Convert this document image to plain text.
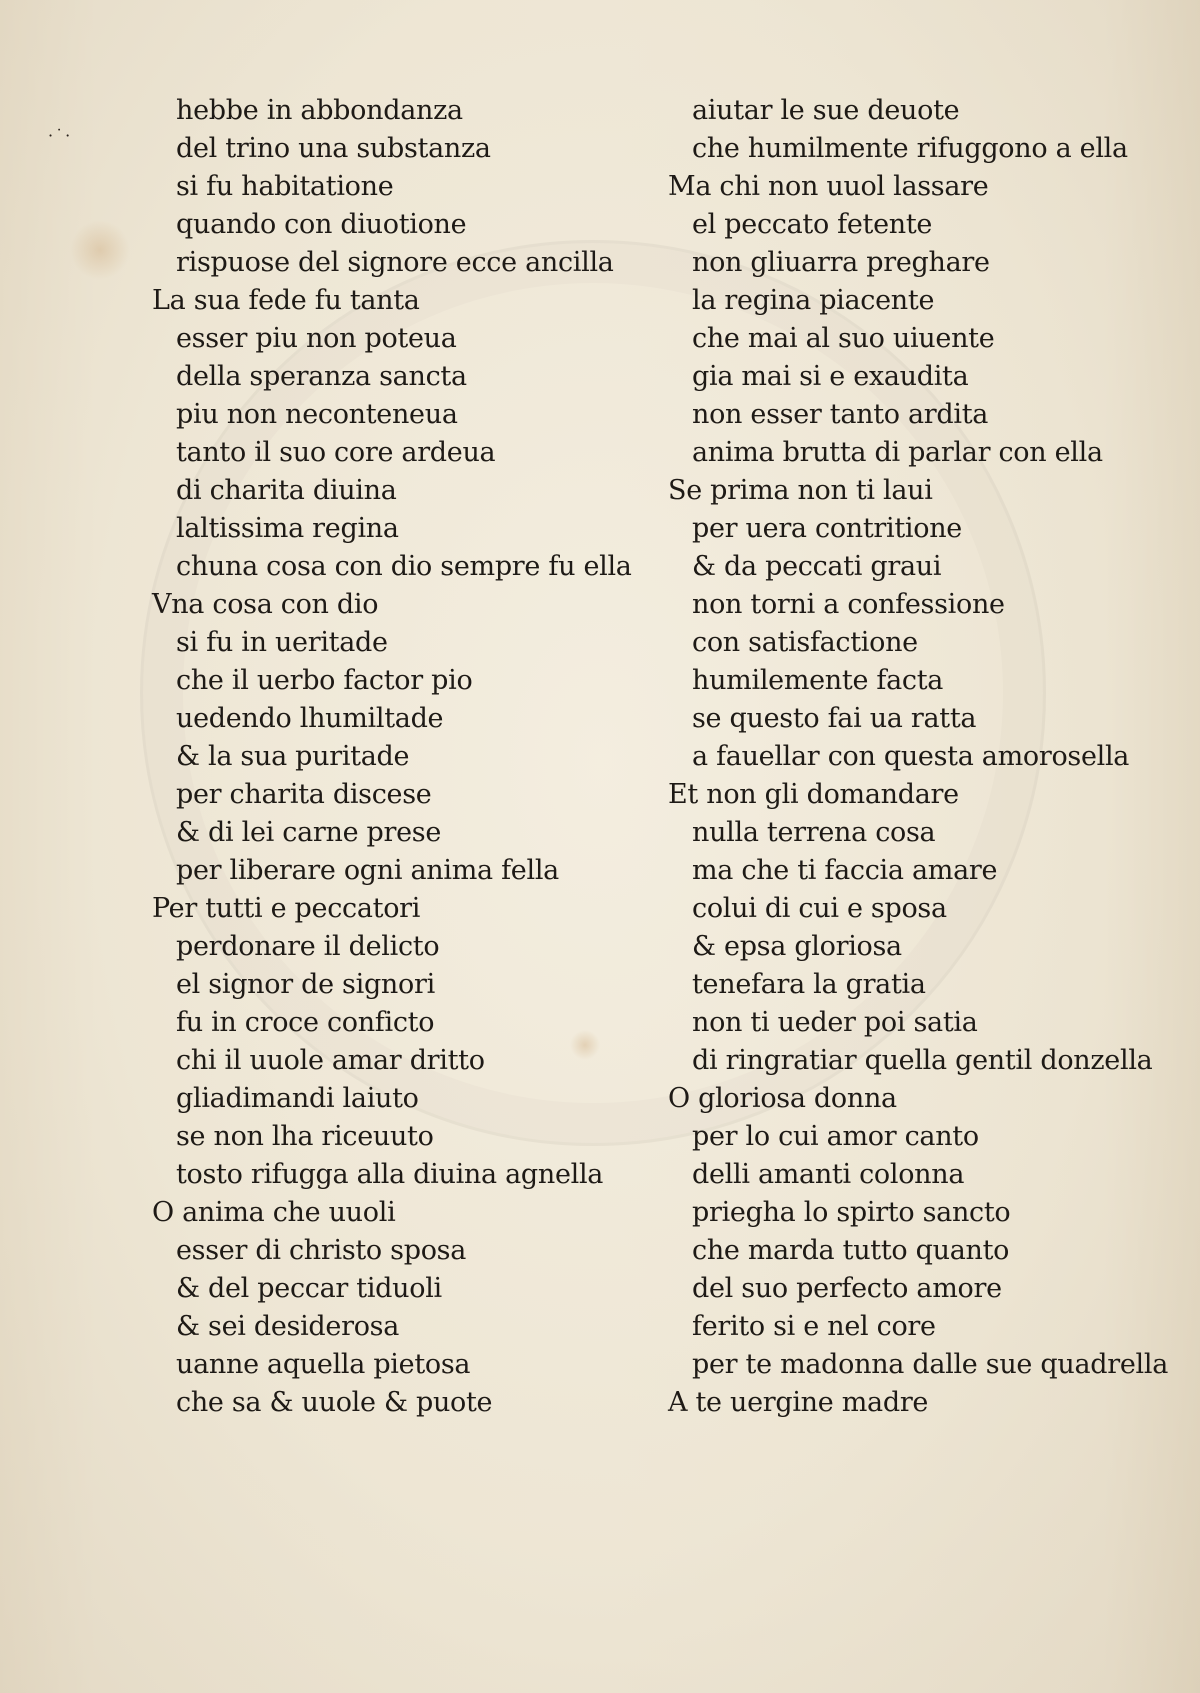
·˙·
hebbe in abbondanza
del trino una substanza
si fu habitatione
quando con diuotione
rispuose del signore ecce ancilla
La sua fede fu tanta
esser piu non poteua
della speranza sancta
piu non neconteneua
tanto il suo core ardeua
di charita diuina
laltissima regina
chuna cosa con dio sempre fu ella
Vna cosa con dio
si fu in ueritade
che il uerbo factor pio
uedendo lhumiltade
& la sua puritade
per charita discese
& di lei carne prese
per liberare ogni anima fella
Per tutti e peccatori
perdonare il delicto
el signor de signori
fu in croce confiсto
chi il uuole amar dritto
gliadimandi laiuto
se non lha riceuuto
tosto rifugga alla diuina agnella
O anima che uuoli
esser di christo sposa
& del peccar tiduoli
& sei desiderosa
uanne aquella pietosa
che sa & uuole & puote
aiutar le sue deuote
che humilmente rifuggono a ella
Ma chi non uuol lassare
el peccato fetente
non gliuarra preghare
la regina piacente
che mai al suo uiuente
gia mai si e exaudita
non esser tanto ardita
anima brutta di parlar con ella
Se prima non ti laui
per uera contritione
& da peccati graui
non torni a confessione
con satisfactione
humilemente facta
se questo fai ua ratta
a fauellar con questa amorosella
Et non gli domandare
nulla terrena cosa
ma che ti faccia amare
colui di cui e sposa
& epsa gloriosa
tenefara la gratia
non ti ueder poi satia
di ringratiar quella gentil donzella
O gloriosa donna
per lo cui amor canto
delli amanti colonna
priegha lo spirto sancto
che marda tutto quanto
del suo perfecto amore
ferito si e nel core
per te madonna dalle sue quadrella
A te uergine madre
